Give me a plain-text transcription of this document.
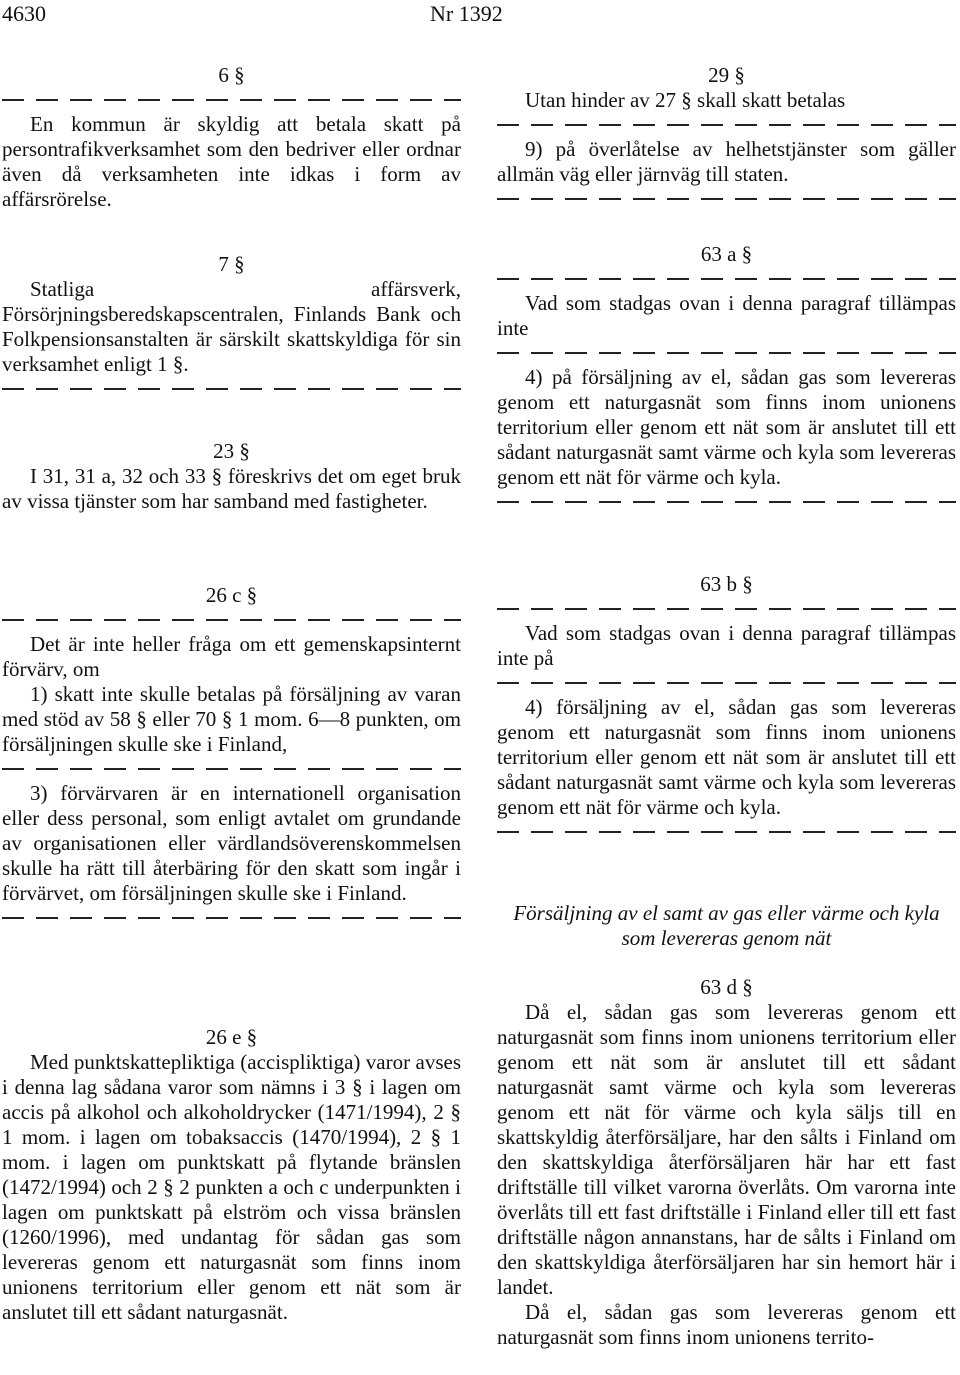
4630	Nr 1392
6 §
En kommun är skyldig att betala skatt på persontrafikverksamhet som den bedriver eller ordnar även då verksamheten inte idkas i form av affärsrörelse.
7 §
Statliga affärsverk, Försörjningsberedskapscentralen, Finlands Bank och Folkpensionsanstalten är särskilt skattskyldiga för sin verksamhet enligt 1 §.
23 §
I 31, 31 a, 32 och 33 § föreskrivs det om eget bruk av vissa tjänster som har samband med fastigheter.
26 c §
Det är inte heller fråga om ett gemenskapsinternt förvärv, om
1) skatt inte skulle betalas på försäljning av varan med stöd av 58 § eller 70 § 1 mom. 6—8 punkten, om försäljningen skulle ske i Finland,
3) förvärvaren är en internationell organisation eller dess personal, som enligt avtalet om grundande av organisationen eller värdlandsöverenskommelsen skulle ha rätt till återbäring för den skatt som ingår i förvärvet, om försäljningen skulle ske i Finland.
26 e §
Med punktskattepliktiga (accispliktiga) varor avses i denna lag sådana varor som nämns i 3 § i lagen om accis på alkohol och alkoholdrycker (1471/1994), 2 § 1 mom. i lagen om tobaksaccis (1470/1994), 2 § 1 mom. i lagen om punktskatt på flytande bränslen (1472/1994) och 2 § 2 punkten a och c underpunkten i lagen om punktskatt på elström och vissa bränslen (1260/1996), med undantag för sådan gas som levereras genom ett naturgasnät som finns inom unionens territorium eller genom ett nät som är anslutet till ett sådant naturgasnät.
29 §
Utan hinder av 27 § skall skatt betalas
9) på överlåtelse av helhetstjänster som gäller allmän väg eller järnväg till staten.
63 a §
Vad som stadgas ovan i denna paragraf tillämpas inte
4) på försäljning av el, sådan gas som levereras genom ett naturgasnät som finns inom unionens territorium eller genom ett nät som är anslutet till ett sådant naturgasnät samt värme och kyla som levereras genom ett nät för värme och kyla.
63 b §
Vad som stadgas ovan i denna paragraf tillämpas inte på
4) försäljning av el, sådan gas som levereras genom ett naturgasnät som finns inom unionens territorium eller genom ett nät som är anslutet till ett sådant naturgasnät samt värme och kyla som levereras genom ett nät för värme och kyla.
Försäljning av el samt av gas eller värme och kyla som levereras genom nät
63 d §
Då el, sådan gas som levereras genom ett naturgasnät som finns inom unionens territorium eller genom ett nät som är anslutet till ett sådant naturgasnät samt värme och kyla som levereras genom ett nät för värme och kyla säljs till en skattskyldig återförsäljare, har den sålts i Finland om den skattskyldiga återförsäljaren här har ett fast driftställe till vilket varorna överlåts. Om varorna inte överlåts till ett fast driftställe i Finland eller till ett fast driftställe någon annanstans, har de sålts i Finland om den skattskyldiga återförsäljaren har sin hemort här i landet.
Då el, sådan gas som levereras genom ett naturgasnät som finns inom unionens territo-
